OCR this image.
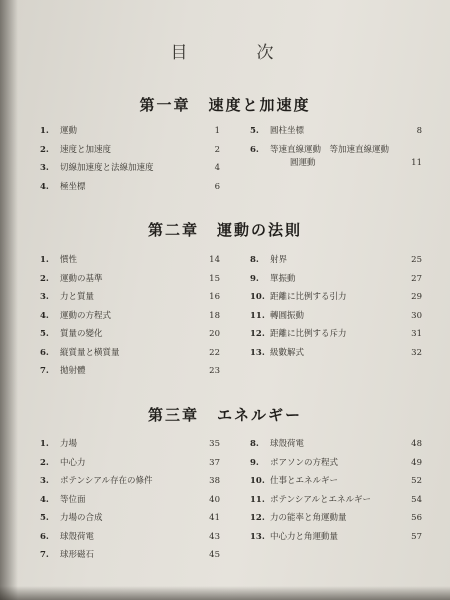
目　次
第一章 速度と加速度
1. 運動	1
2. 速度と加速度	2
3. 切線加速度と法線加速度	4
4. 極坐標	6
5. 圓柱坐標	8
6. 等速直線運動　等加速直線運動
圓運動	11
第二章 運動の法則
1. 慣性	14
2. 運動の基準	15
3. 力と質量	16
4. 運動の方程式	18
5. 質量の變化	20
6. 縦質量と横質量	22
7. 拋射體	23
8. 射界	25
9. 單振動	27
10. 距離に比例する引力	29
11. 轉圓振動	30
12. 距離に比例する斥力	31
13. 級數解式	32
第三章 エネルギー
1. 力場	35
2. 中心力	37
3. ポテンシアル存在の條件	38
4. 等位面	40
5. 力場の合成	41
6. 球殼荷電	43
7. 球形磁石	45
8. 球殼荷電	48
9. ポアソンの方程式	49
10. 仕事とエネルギー	52
11. ポテンシアルとエネルギー	54
12. 力の能率と角運動量	56
13. 中心力と角運動量	57
